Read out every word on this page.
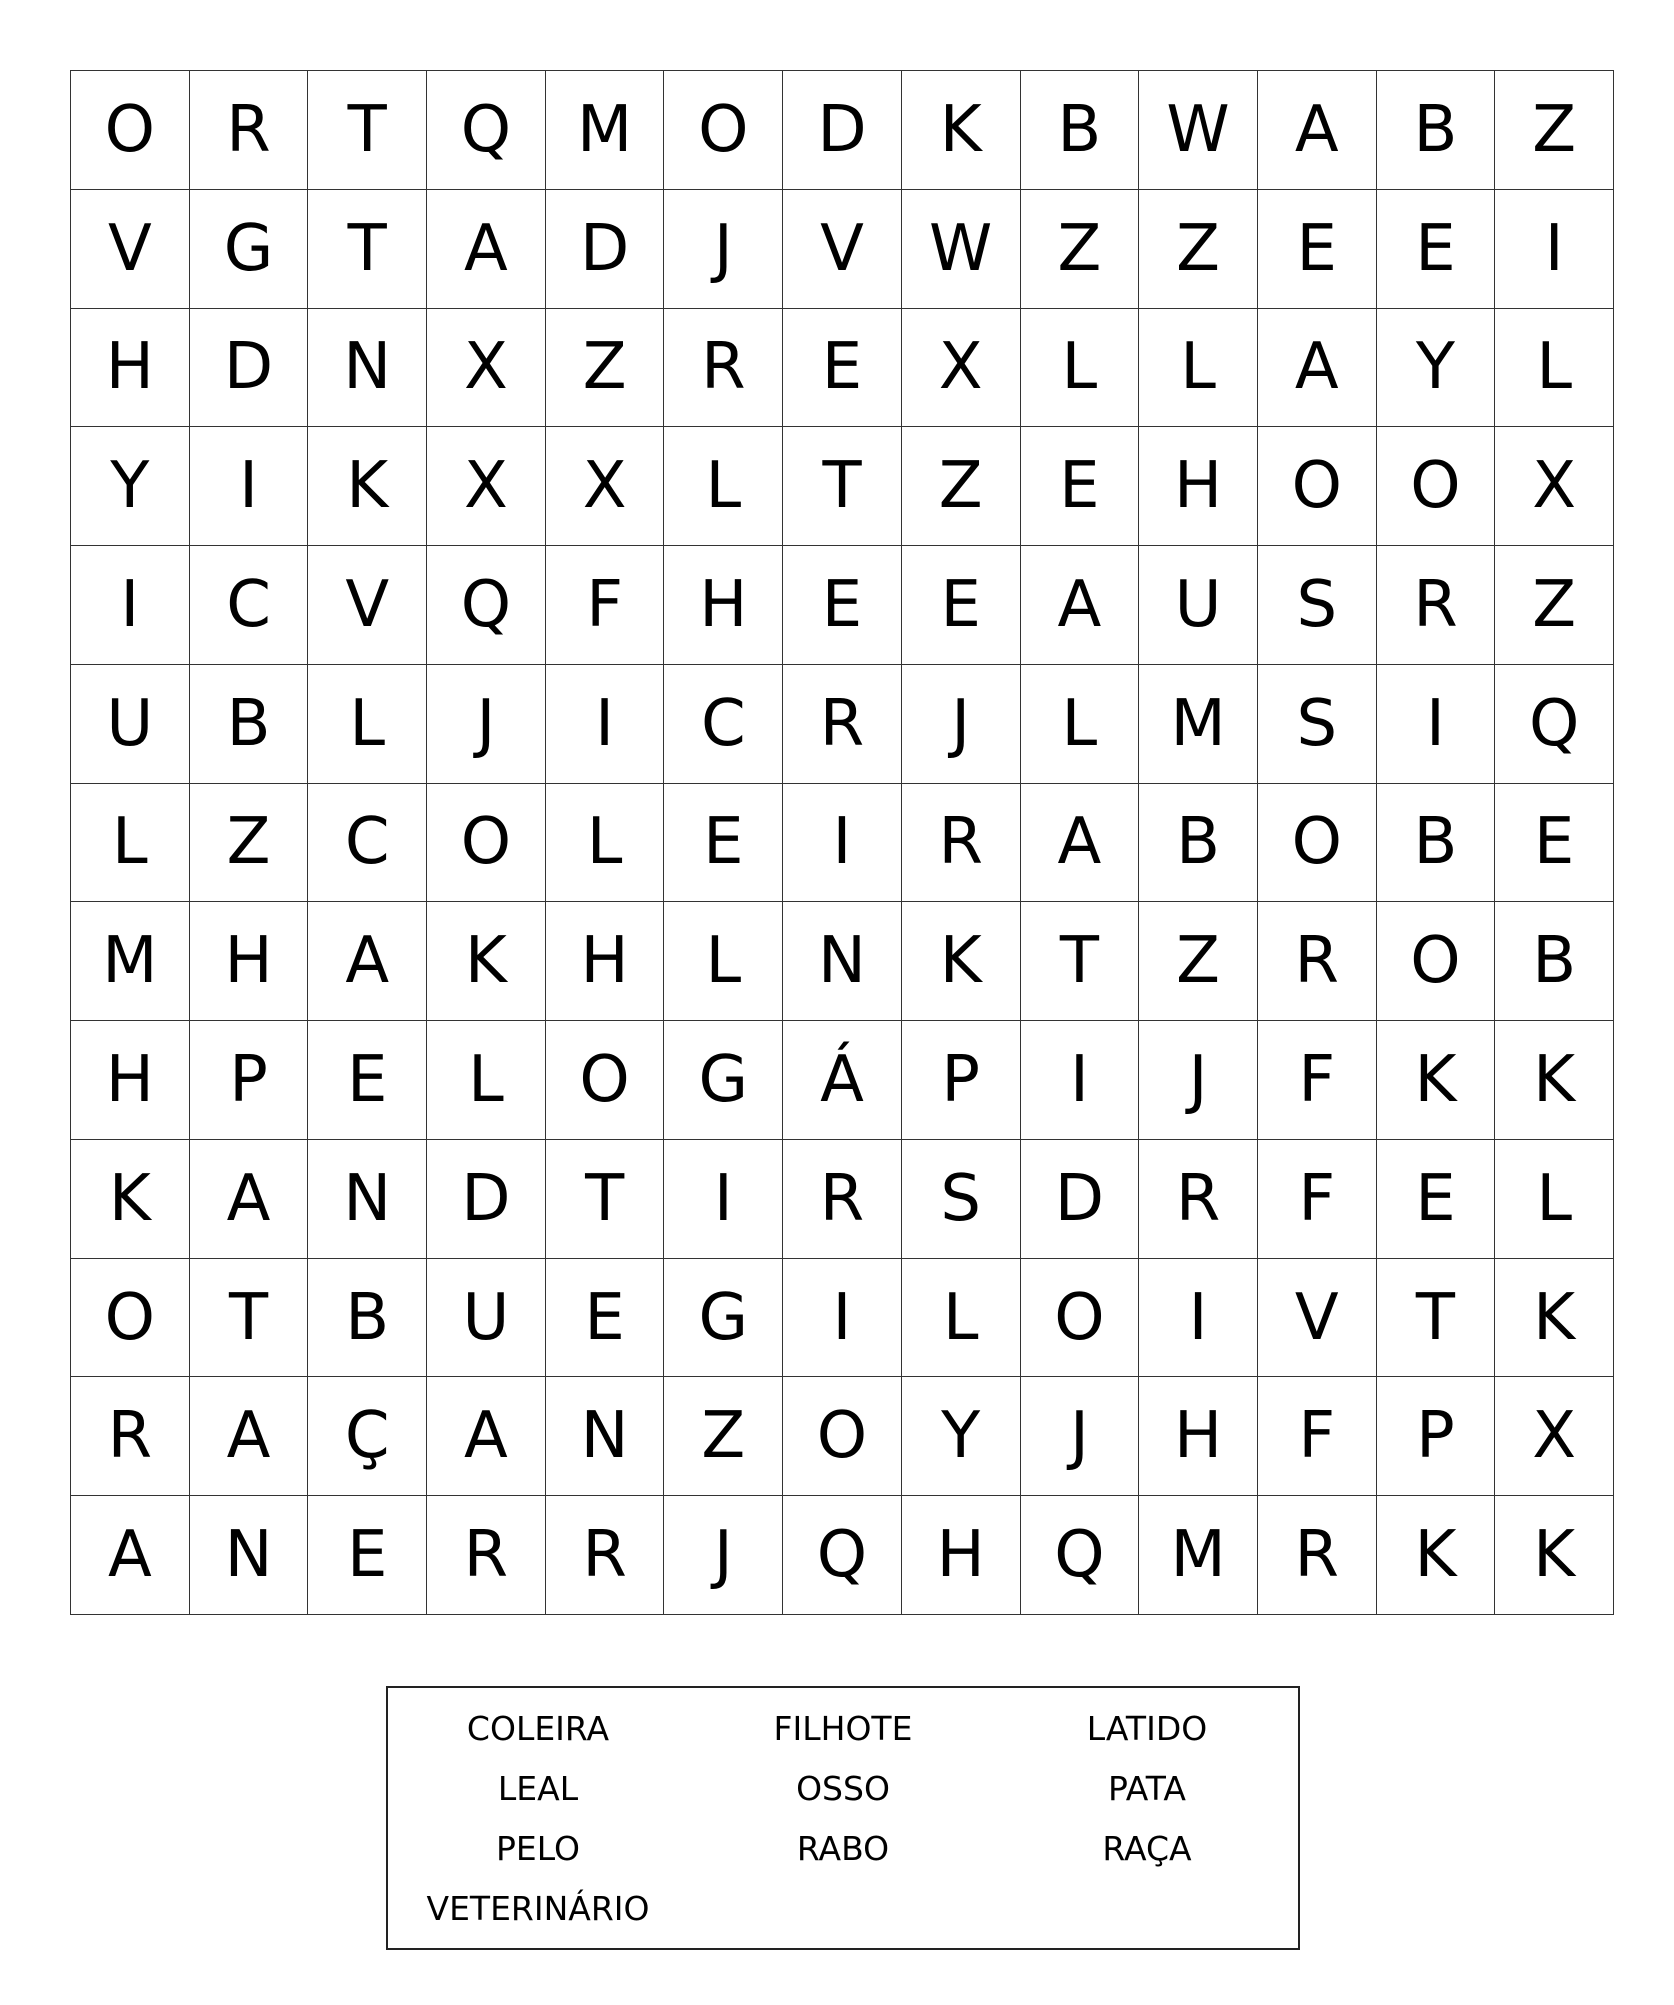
O	R	T	Q	M	O	D	K	B	W	A	B	Z
V	G	T	A	D	J	V	W	Z	Z	E	E	I
H	D	N	X	Z	R	E	X	L	L	A	Y	L
Y	I	K	X	X	L	T	Z	E	H	O	O	X
I	C	V	Q	F	H	E	E	A	U	S	R	Z
U	B	L	J	I	C	R	J	L	M	S	I	Q
L	Z	C	O	L	E	I	R	A	B	O	B	E
M	H	A	K	H	L	N	K	T	Z	R	O	B
H	P	E	L	O	G	Á	P	I	J	F	K	K
K	A	N	D	T	I	R	S	D	R	F	E	L
O	T	B	U	E	G	I	L	O	I	V	T	K
R	A	Ç	A	N	Z	O	Y	J	H	F	P	X
A	N	E	R	R	J	Q	H	Q	M	R	K	K
COLEIRA
LEAL
PELO
VETERINÁRIO
FILHOTE
OSSO
RABO
LATIDO
PATA
RAÇA
